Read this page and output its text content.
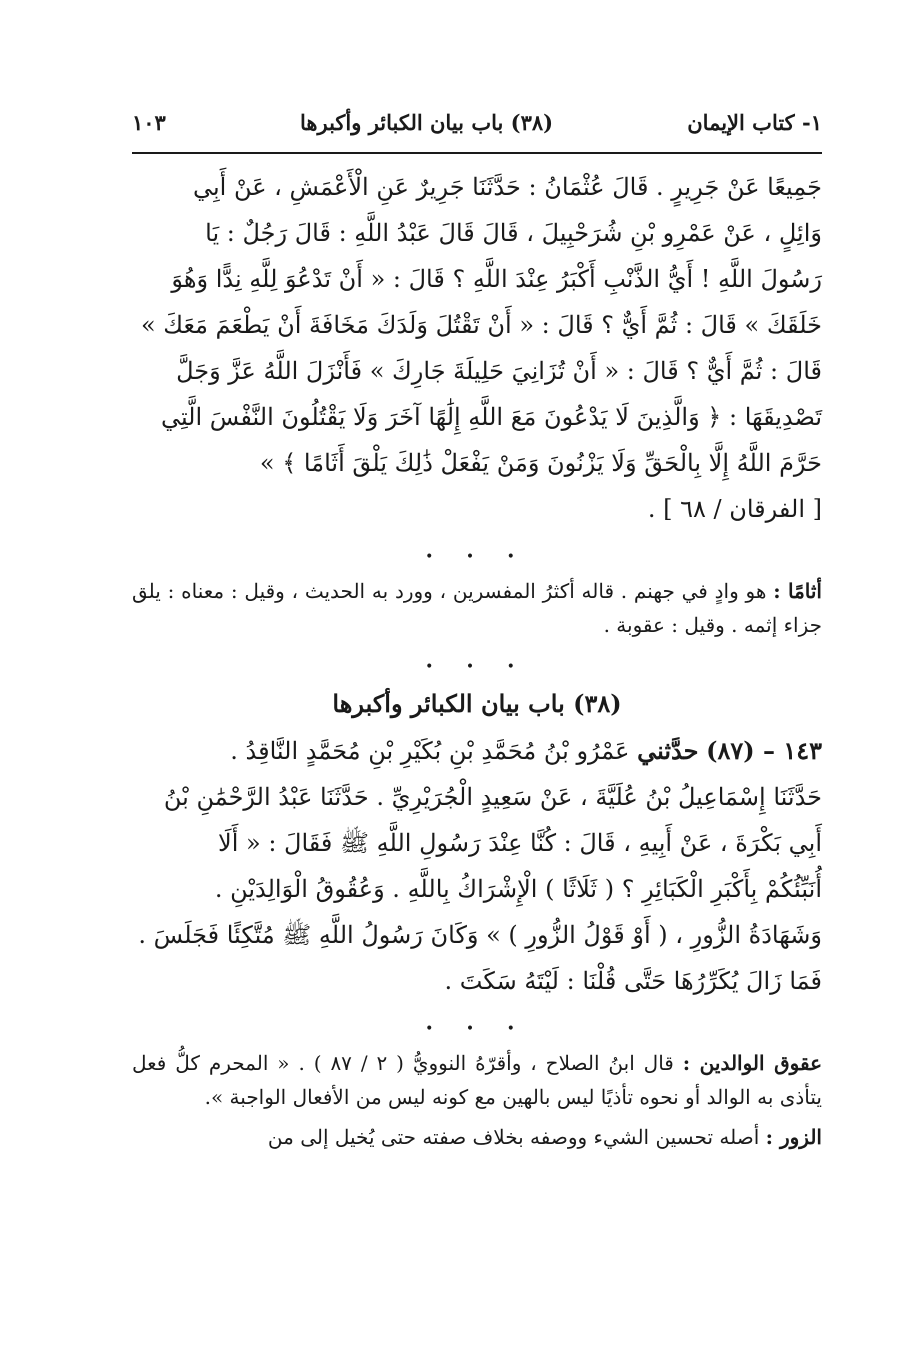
١- كتاب الإيمان
(٣٨) باب بيان الكبائر وأكبرها
١٠٣

جَمِيعًا عَنْ جَرِيرٍ . قَالَ عُثْمَانُ : حَدَّثَنَا جَرِيرٌ عَنِ الْأَعْمَشِ ، عَنْ أَبِي

وَائِلٍ ، عَنْ عَمْرِو بْنِ شُرَحْبِيلَ ، قَالَ قَالَ عَبْدُ اللَّهِ : قَالَ رَجُلٌ : يَا

رَسُولَ اللَّهِ ! أَيُّ الذَّنْبِ أَكْبَرُ عِنْدَ اللَّهِ ؟ قَالَ : « أَنْ تَدْعُوَ لِلَّهِ نِدًّا وَهُوَ

خَلَقَكَ » قَالَ : ثُمَّ أَيٌّ ؟ قَالَ : « أَنْ تَقْتُلَ وَلَدَكَ مَخَافَةَ أَنْ يَطْعَمَ مَعَكَ »

قَالَ : ثُمَّ أَيٌّ ؟ قَالَ : « أَنْ تُزَانِيَ حَلِيلَةَ جَارِكَ » فَأَنْزَلَ اللَّهُ عَزَّ وَجَلَّ

تَصْدِيقَهَا : ﴿ وَالَّذِينَ لَا يَدْعُونَ مَعَ اللَّهِ إِلَٰهًا آخَرَ وَلَا يَقْتُلُونَ النَّفْسَ الَّتِي

حَرَّمَ اللَّهُ إِلَّا بِالْحَقِّ وَلَا يَزْنُونَ وَمَنْ يَفْعَلْ ذَٰلِكَ يَلْقَ أَثَامًا ﴾ »

[ الفرقان / ٦٨ ] .

• • •

أثامًا : هو وادٍ في جهنم . قاله أكثرُ المفسرين ، وورد به الحديث ، وقيل : معناه : يلق جزاء إثمه . وقيل : عقوبة .

• • •
(٣٨) باب بيان الكبائر وأكبرها

١٤٣ – (٨٧) حدَّثني عَمْرُو بْنُ مُحَمَّدِ بْنِ بُكَيْرِ بْنِ مُحَمَّدٍ النَّاقِدُ .

حَدَّثَنَا إِسْمَاعِيلُ بْنُ عُلَيَّةَ ، عَنْ سَعِيدٍ الْجُرَيْرِيِّ . حَدَّثَنَا عَبْدُ الرَّحْمَٰنِ بْنُ

أَبِي بَكْرَةَ ، عَنْ أَبِيهِ ، قَالَ : كُنَّا عِنْدَ رَسُولِ اللَّهِ ﷺ فَقَالَ : « أَلَا

أُنَبِّئُكُمْ بِأَكْبَرِ الْكَبَائِرِ ؟ ( ثَلَاثًا ) الْإِشْرَاكُ بِاللَّهِ . وَعُقُوقُ الْوَالِدَيْنِ .

وَشَهَادَةُ الزُّورِ ، ( أَوْ قَوْلُ الزُّورِ ) » وَكَانَ رَسُولُ اللَّهِ ﷺ مُتَّكِئًا فَجَلَسَ .

فَمَا زَالَ يُكَرِّرُهَا حَتَّى قُلْنَا : لَيْتَهُ سَكَتَ .

• • •

عقوق الوالدين : قال ابنُ الصلاح ، وأقرّهُ النوويُّ ( ٢ / ٨٧ ) . « المحرم كلُّ فعل يتأذى به الوالد أو نحوه تأذيًا ليس بالهين مع كونه ليس من الأفعال الواجبة ».

الزور : أصله تحسين الشيء ووصفه بخلاف صفته حتى يُخيل إلى من
